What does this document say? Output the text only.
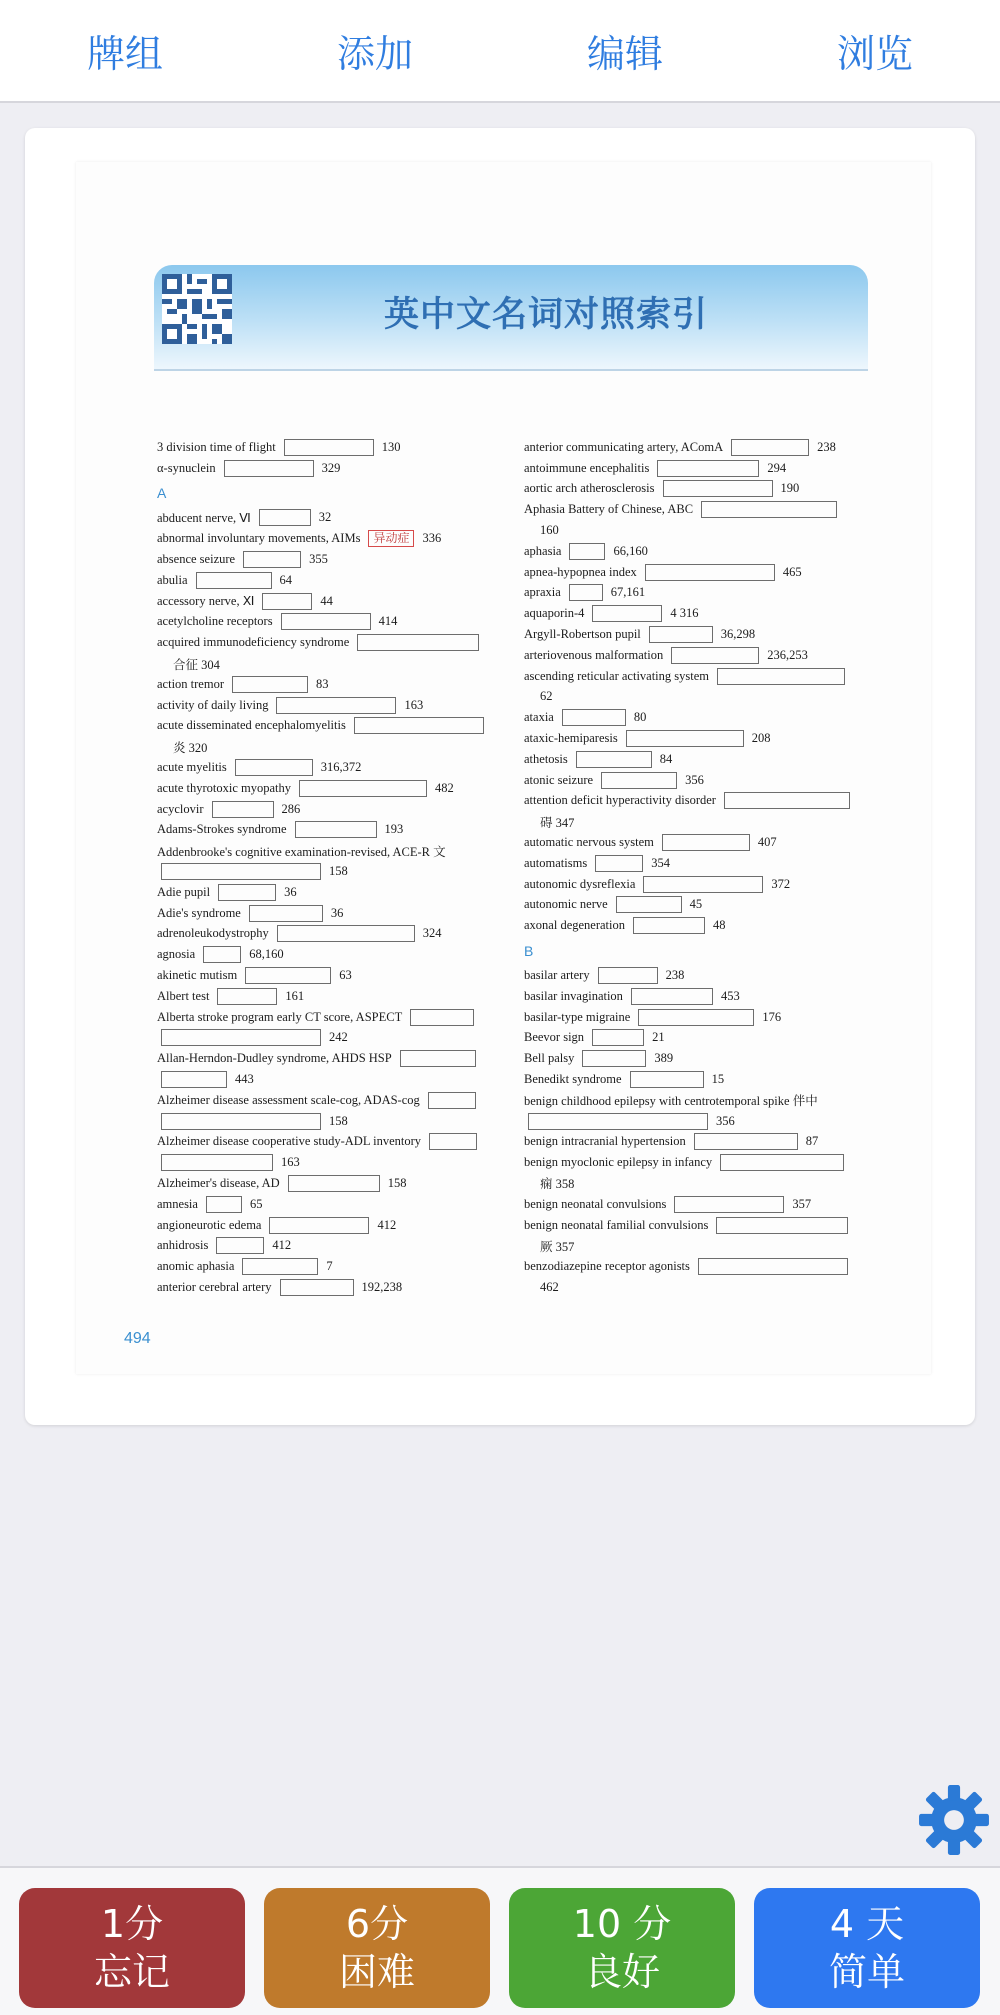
牌组	添加	编辑	浏览
英中文名词对照索引
3 division time of flight	130
α-synuclein	329
A
abducent nerve, Ⅵ	32
abnormal involuntary movements, AIMs	异动症	336
absence seizure	355
abulia	64
accessory nerve, Ⅺ	44
acetylcholine receptors	414
acquired immunodeficiency syndrome
合征 304
action tremor	83
activity of daily living	163
acute disseminated encephalomyelitis
炎 320
acute myelitis	316,372
acute thyrotoxic myopathy	482
acyclovir	286
Adams-Strokes syndrome	193
Addenbrooke's cognitive examination-revised, ACE-R 文
158
Adie pupil	36
Adie's syndrome	36
adrenoleukodystrophy	324
agnosia	68,160
akinetic mutism	63
Albert test	161
Alberta stroke program early CT score, ASPECT
242
Allan-Herndon-Dudley syndrome, AHDS HSP
443
Alzheimer disease assessment scale-cog, ADAS-cog
158
Alzheimer disease cooperative study-ADL inventory
163
Alzheimer's disease, AD	158
amnesia	65
angioneurotic edema	412
anhidrosis	412
anomic aphasia	7
anterior cerebral artery	192,238
anterior communicating artery, AComA	238
antoimmune encephalitis	294
aortic arch atherosclerosis	190
Aphasia Battery of Chinese, ABC
160
aphasia	66,160
apnea-hypopnea index	465
apraxia	67,161
aquaporin-4	4 316
Argyll-Robertson pupil	36,298
arteriovenous malformation	236,253
ascending reticular activating system
62
ataxia	80
ataxic-hemiparesis	208
athetosis	84
atonic seizure	356
attention deficit hyperactivity disorder
碍 347
automatic nervous system	407
automatisms	354
autonomic dysreflexia	372
autonomic nerve	45
axonal degeneration	48
B
basilar artery	238
basilar invagination	453
basilar-type migraine	176
Beevor sign	21
Bell palsy	389
Benedikt syndrome	15
benign childhood epilepsy with centrotemporal spike 伴中
356
benign intracranial hypertension	87
benign myoclonic epilepsy in infancy
痫 358
benign neonatal convulsions	357
benign neonatal familial convulsions
厥 357
benzodiazepine receptor agonists
462
494
1分
忘记
6分
困难
10 分
良好
4 天
简单
